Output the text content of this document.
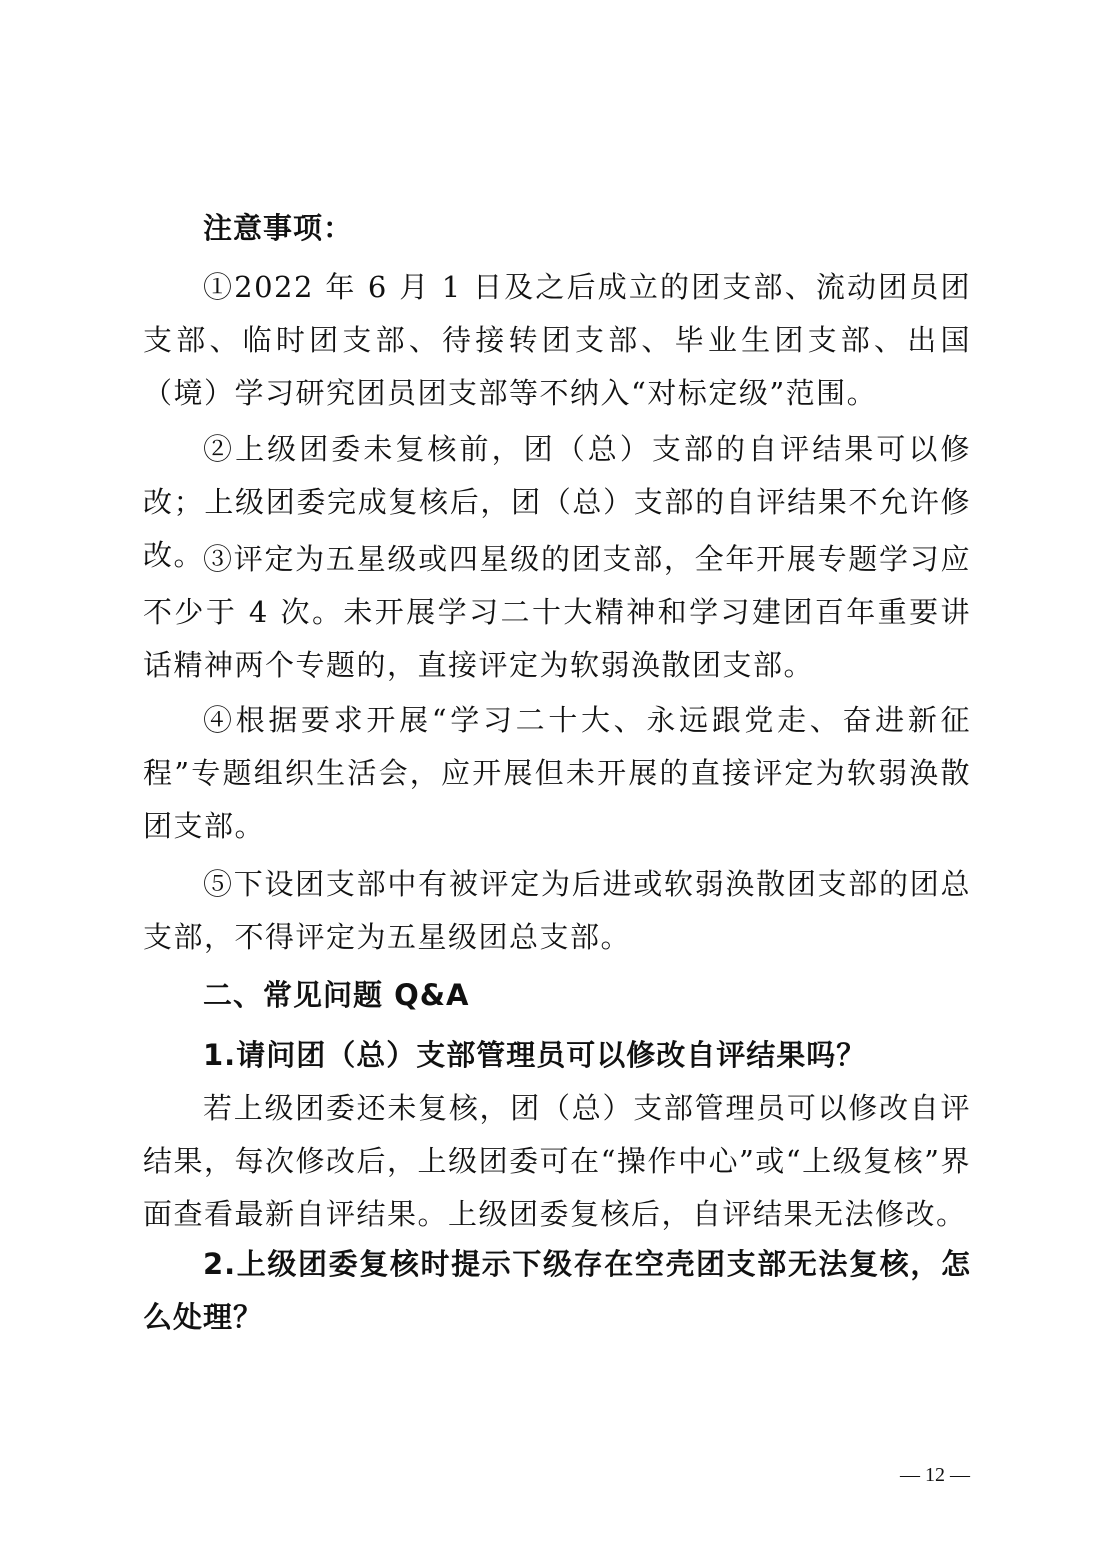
注意事项：

①2022 年 6 月 1 日及之后成立的团支部、流动团员团支部、临时团支部、待接转团支部、毕业生团支部、出国（境）学习研究团员团支部等不纳入“对标定级”范围。

②上级团委未复核前，团（总）支部的自评结果可以修改；上级团委完成复核后，团（总）支部的自评结果不允许修改。

③评定为五星级或四星级的团支部，全年开展专题学习应不少于 4 次。未开展学习二十大精神和学习建团百年重要讲话精神两个专题的，直接评定为软弱涣散团支部。

④根据要求开展“学习二十大、永远跟党走、奋进新征程”专题组织生活会，应开展但未开展的直接评定为软弱涣散团支部。

⑤下设团支部中有被评定为后进或软弱涣散团支部的团总支部，不得评定为五星级团总支部。

二、常见问题 Q&A

1.请问团（总）支部管理员可以修改自评结果吗？

若上级团委还未复核，团（总）支部管理员可以修改自评结果，每次修改后，上级团委可在“操作中心”或“上级复核”界面查看最新自评结果。上级团委复核后，自评结果无法修改。

2.上级团委复核时提示下级存在空壳团支部无法复核，怎么处理？

— 12 —
